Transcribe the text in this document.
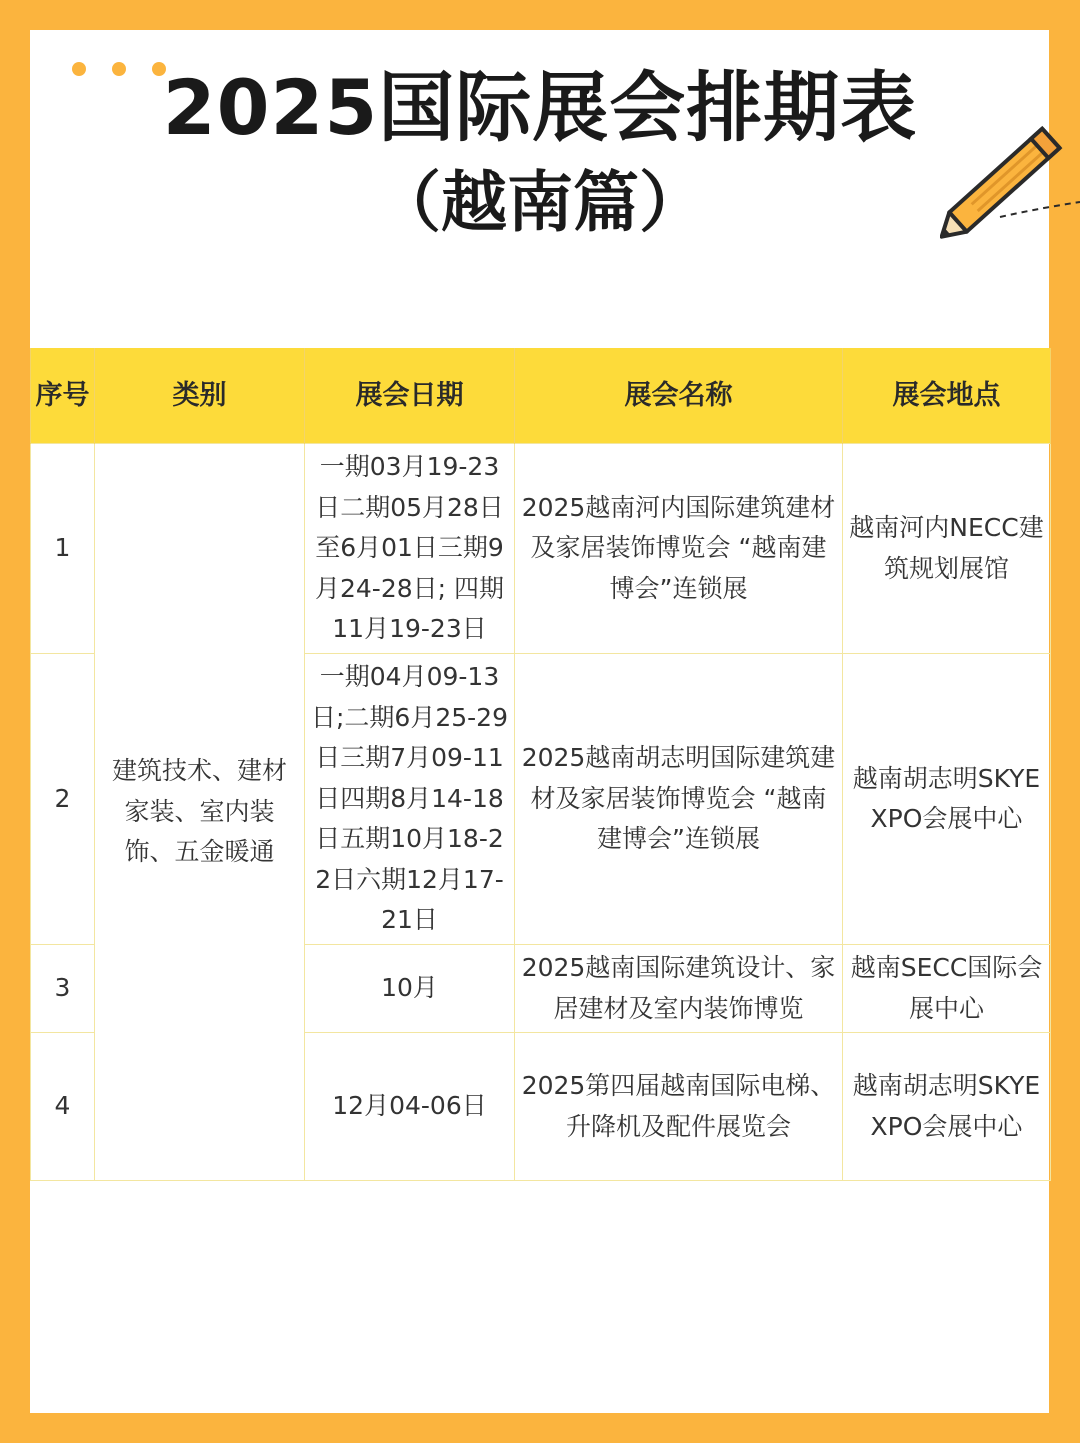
2025国际展会排期表
（越南篇）
序号	类别	展会日期	展会名称	展会地点
1	建筑技术、建材家装、室内装饰、五金暖通	一期03月19-23日二期05月28日至6月01日三期9月24-28日; 四期11月19-23日	2025越南河内国际建筑建材及家居装饰博览会 “越南建博会”连锁展	越南河内NECC建筑规划展馆
2		一期04月09-13日;二期6月25-29日三期7月09-11日四期8月14-18日五期10月18-22日六期12月17-21日	2025越南胡志明国际建筑建材及家居装饰博览会 “越南建博会”连锁展	越南胡志明SKYEXPO会展中心
3		10月	2025越南国际建筑设计、家居建材及室内装饰博览	越南SECC国际会展中心
4		12月04-06日	2025第四届越南国际电梯、升降机及配件展览会	越南胡志明SKYEXPO会展中心
